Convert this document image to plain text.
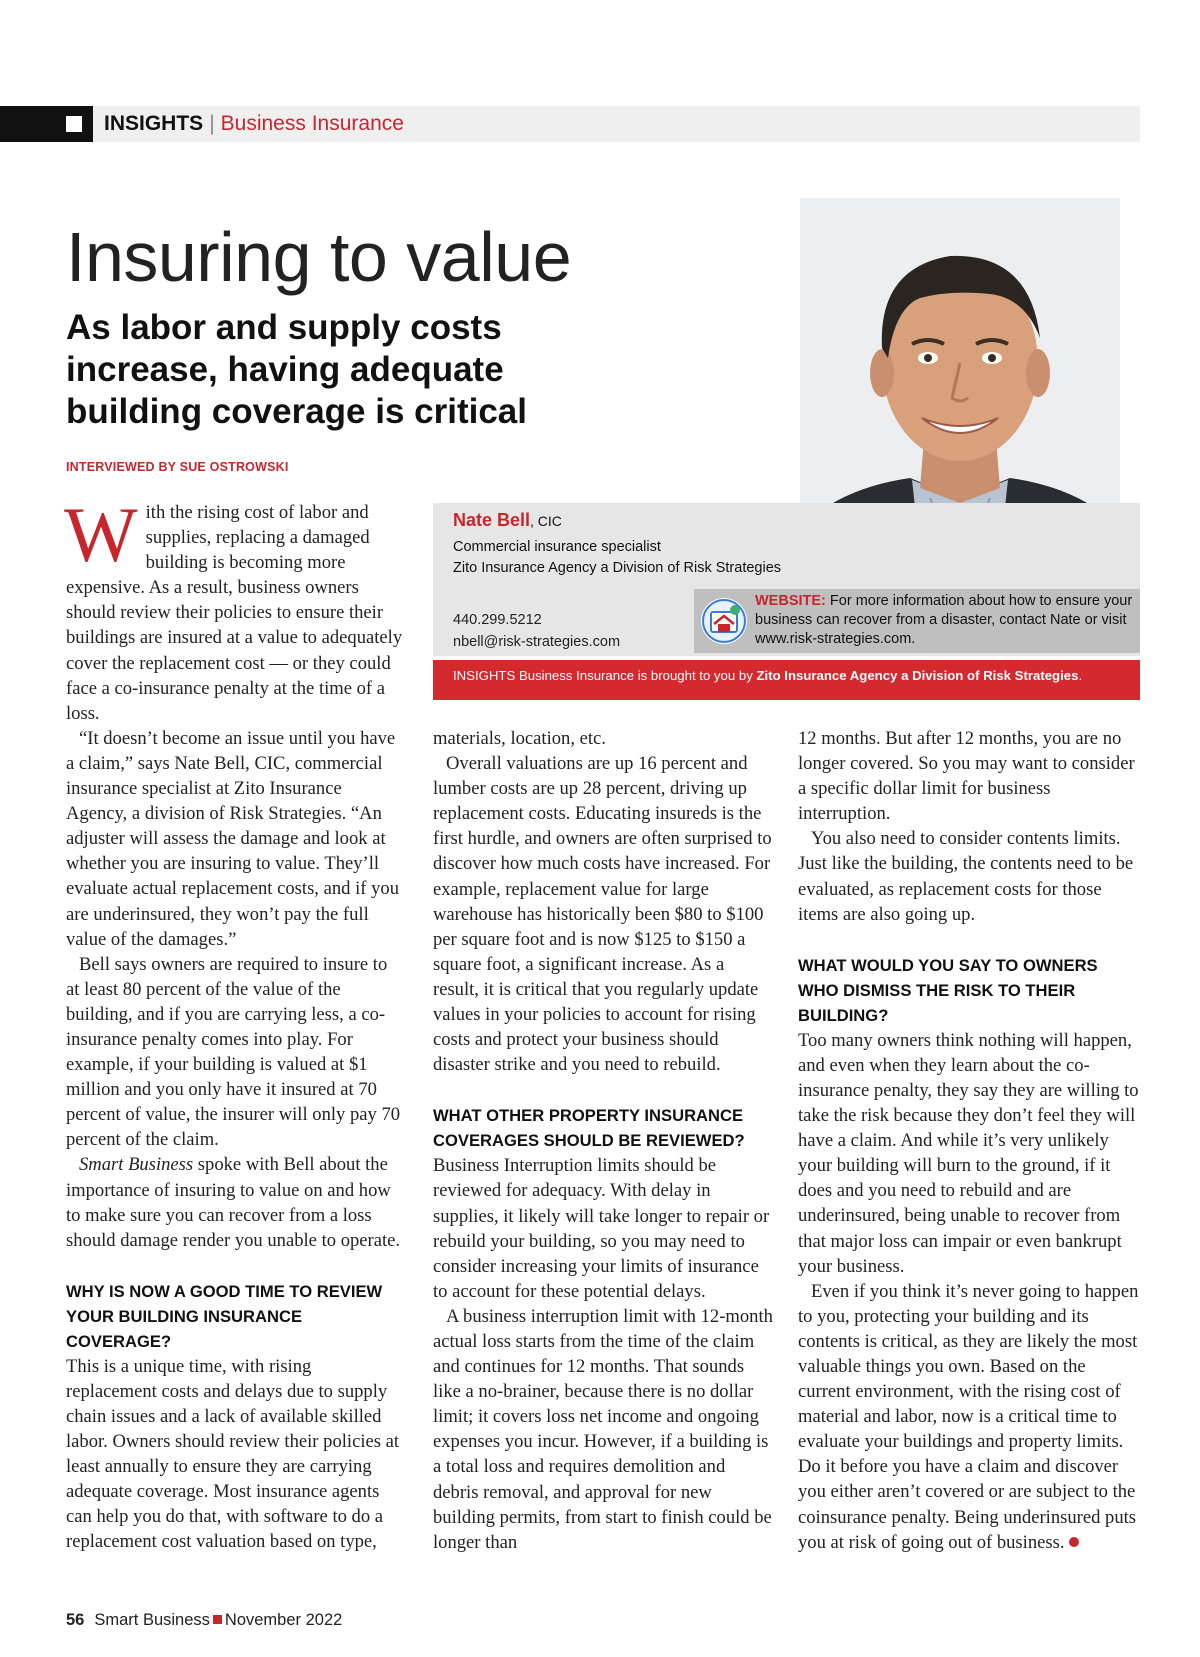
INSIGHTS | Business Insurance
Insuring to value
As labor and supply costs increase, having adequate building coverage is critical
INTERVIEWED BY SUE OSTROWSKI
Nate Bell, CIC
Commercial insurance specialist
Zito Insurance Agency a Division of Risk Strategies
440.299.5212
nbell@risk-strategies.com
WEBSITE: For more information about how to ensure your business can recover from a disaster, contact Nate or visit www.risk-strategies.com.
INSIGHTS Business Insurance is brought to you by Zito Insurance Agency a Division of Risk Strategies.

With the rising cost of labor and supplies, replacing a damaged building is becoming more expensive. As a result, business owners should review their policies to ensure their buildings are insured at a value to adequately cover the replacement cost — or they could face a co-insurance penalty at the time of a loss.

“It doesn’t become an issue until you have a claim,” says Nate Bell, CIC, commercial insurance specialist at Zito Insurance Agency, a division of Risk Strategies. “An adjuster will assess the damage and look at whether you are insuring to value. They’ll evaluate actual replacement costs, and if you are underinsured, they won’t pay the full value of the damages.”

Bell says owners are required to insure to at least 80 percent of the value of the building, and if you are carrying less, a co-insurance penalty comes into play. For example, if your building is valued at $1 million and you only have it insured at 70 percent of value, the insurer will only pay 70 percent of the claim.

Smart Business spoke with Bell about the importance of insuring to value on and how to make sure you can recover from a loss should damage render you unable to operate.

WHY IS NOW A GOOD TIME TO REVIEW YOUR BUILDING INSURANCE COVERAGE?

This is a unique time, with rising replacement costs and delays due to supply chain issues and a lack of available skilled labor. Owners should review their policies at least annually to ensure they are carrying adequate coverage. Most insurance agents can help you do that, with software to do a replacement cost valuation based on type,

materials, location, etc.

Overall valuations are up 16 percent and lumber costs are up 28 percent, driving up replacement costs. Educating insureds is the first hurdle, and owners are often surprised to discover how much costs have increased. For example, replacement value for large warehouse has historically been $80 to $100 per square foot and is now $125 to $150 a square foot, a significant increase. As a result, it is critical that you regularly update values in your policies to account for rising costs and protect your business should disaster strike and you need to rebuild.

WHAT OTHER PROPERTY INSURANCE COVERAGES SHOULD BE REVIEWED?

Business Interruption limits should be reviewed for adequacy. With delay in supplies, it likely will take longer to repair or rebuild your building, so you may need to consider increasing your limits of insurance to account for these potential delays.

A business interruption limit with 12-month actual loss starts from the time of the claim and continues for 12 months. That sounds like a no-brainer, because there is no dollar limit; it covers loss net income and ongoing expenses you incur. However, if a building is a total loss and requires demolition and debris removal, and approval for new building permits, from start to finish could be longer than

12 months. But after 12 months, you are no longer covered. So you may want to consider a specific dollar limit for business interruption.

You also need to consider contents limits. Just like the building, the contents need to be evaluated, as replacement costs for those items are also going up.

WHAT WOULD YOU SAY TO OWNERS WHO DISMISS THE RISK TO THEIR BUILDING?

Too many owners think nothing will happen, and even when they learn about the co-insurance penalty, they say they are willing to take the risk because they don’t feel they will have a claim. And while it’s very unlikely your building will burn to the ground, if it does and you need to rebuild and are underinsured, being unable to recover from that major loss can impair or even bankrupt your business.

Even if you think it’s never going to happen to you, protecting your building and its contents is critical, as they are likely the most valuable things you own. Based on the current environment, with the rising cost of material and labor, now is a critical time to evaluate your buildings and property limits. Do it before you have a claim and discover you either aren’t covered or are subject to the coinsurance penalty. Being underinsured puts you at risk of going out of business.

56 Smart Business November 2022
